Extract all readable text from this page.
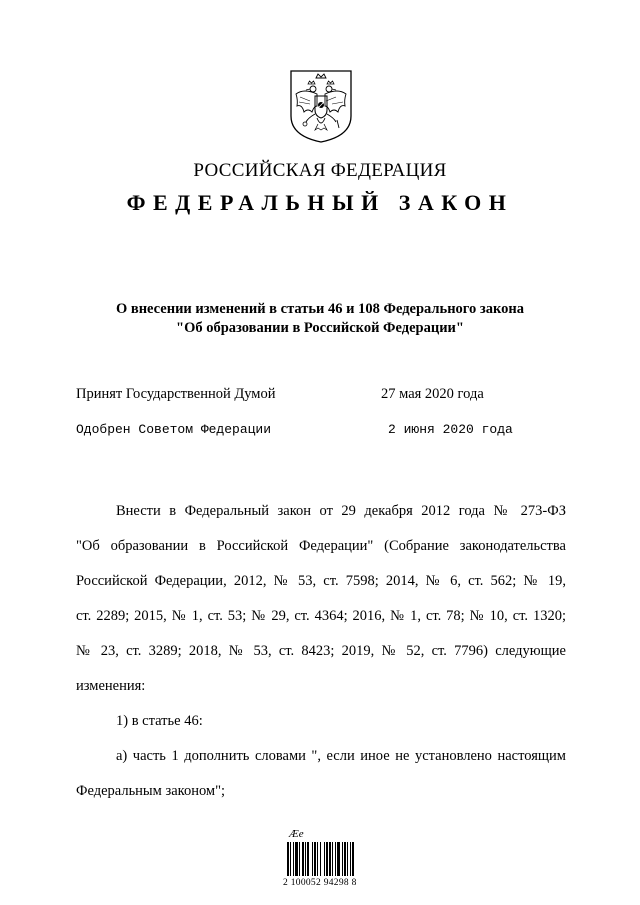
РОССИЙСКАЯ ФЕДЕРАЦИЯ
ФЕДЕРАЛЬНЫЙ ЗАКОН
О внесении изменений в статьи 46 и 108 Федерального закона
"Об образовании в Российской Федерации"
Принят Государственной Думой	27 мая 2020 года
Одобрен Советом Федерации	2 июня 2020 года

Внести в Федеральный закон от 29 декабря 2012 года № 273-ФЗ

"Об образовании в Российской Федерации" (Собрание законодательства

Российской Федерации, 2012, № 53, ст. 7598; 2014, № 6, ст. 562; № 19,

ст. 2289; 2015, № 1, ст. 53; № 29, ст. 4364; 2016, № 1, ст. 78; № 10, ст. 1320;

№ 23, ст. 3289; 2018, № 53, ст. 8423; 2019, № 52, ст. 7796) следующие

изменения:

1) в статье 46:

а) часть 1 дополнить словами ", если иное не установлено настоящим

Федеральным законом";

Æe
2 100052 94298 8
